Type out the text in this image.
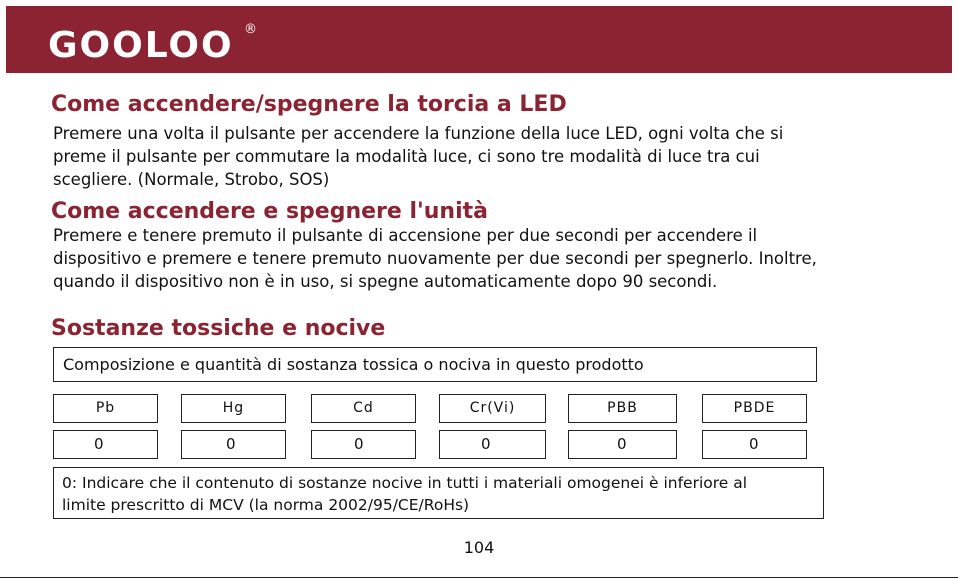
GOOLOO ®
Come accendere/spegnere la torcia a LED
Premere una volta il pulsante per accendere la funzione della luce LED, ogni volta che si
preme il pulsante per commutare la modalità luce, ci sono tre modalità di luce tra cui
scegliere. (Normale, Strobo, SOS)
Come accendere e spegnere l'unità
Premere e tenere premuto il pulsante di accensione per due secondi per accendere il
dispositivo e premere e tenere premuto nuovamente per due secondi per spegnerlo. Inoltre,
quando il dispositivo non è in uso, si spegne automaticamente dopo 90 secondi.
Sostanze tossiche e nocive
Composizione e quantità di sostanza tossica o nociva in questo prodotto
Pb	Hg	Cd	Cr(Vi)	PBB	PBDE
0	0	0	0	0	0
0: Indicare che il contenuto di sostanze nocive in tutti i materiali omogenei è inferiore al
limite prescritto di MCV (la norma 2002/95/CE/RoHs)
104
